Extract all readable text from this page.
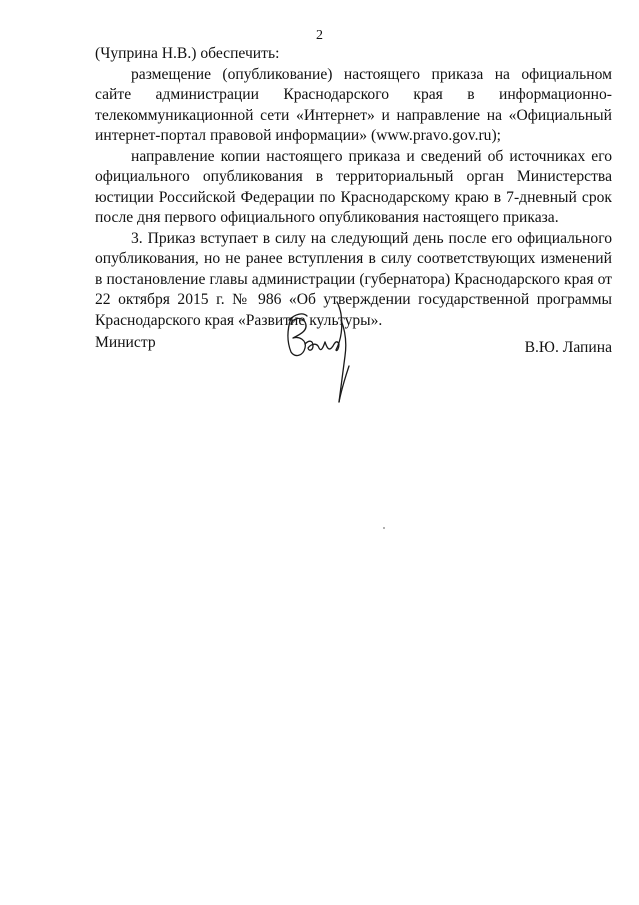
2

(Чуприна Н.В.) обеспечить:

размещение (опубликование) настоящего приказа на официальном сайте администрации Краснодарского края в информационно-телекоммуникационной сети «Интернет» и направление на «Официальный интернет-портал правовой информации» (www.pravo.gov.ru);

направление копии настоящего приказа и сведений об источниках его официального опубликования в территориальный орган Министерства юстиции Российской Федерации по Краснодарскому краю в 7-дневный срок после дня первого официального опубликования настоящего приказа.

3. Приказ вступает в силу на следующий день после его официального опубликования, но не ранее вступления в силу соответствующих изменений в постановление главы администрации (губернатора) Краснодарского края от 22 октября 2015 г. № 986 «Об утверждении государственной программы Краснодарского края «Развитие культуры».

Министр	В.Ю. Лапина
